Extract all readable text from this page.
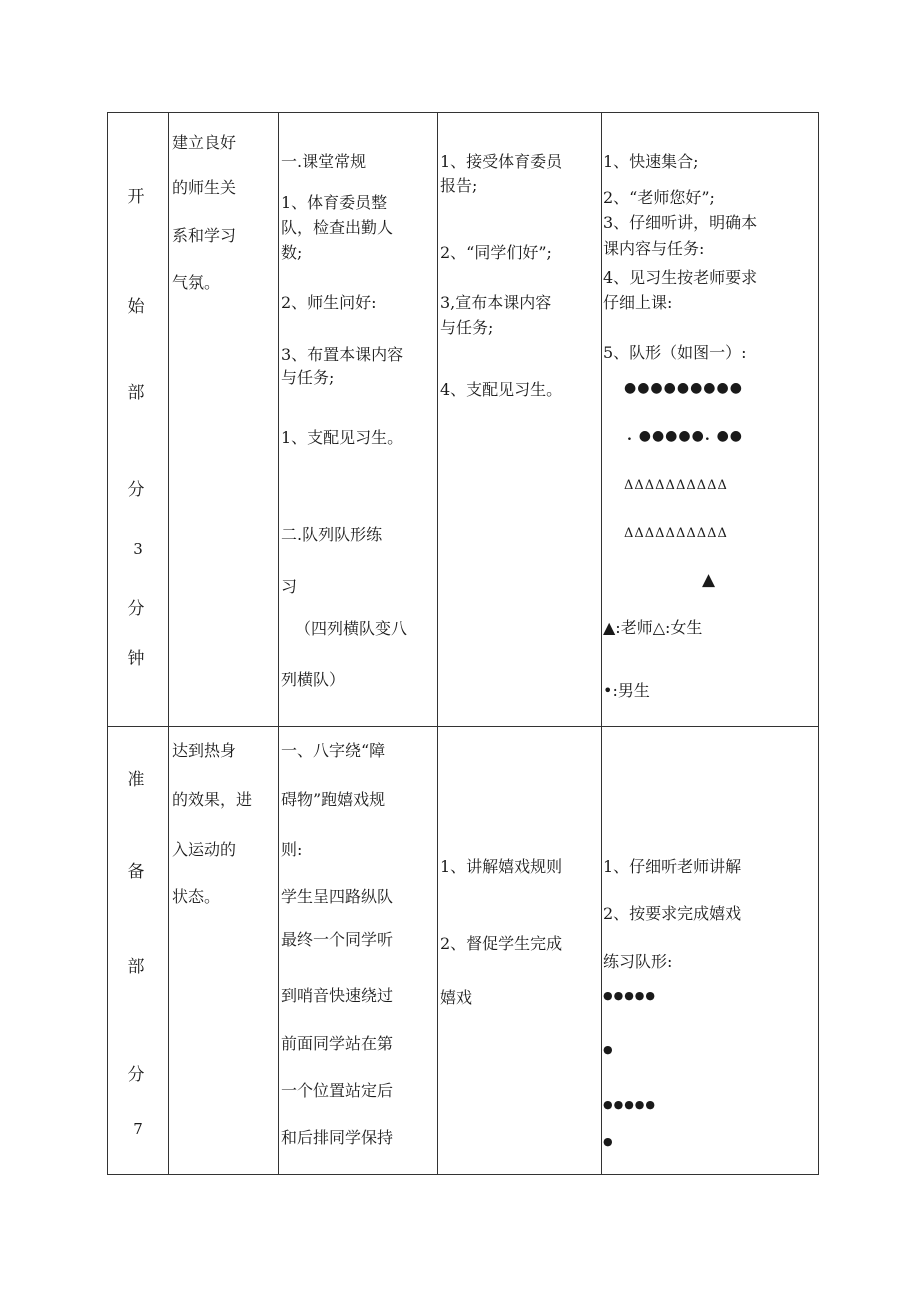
开
始
部
分
3
分
钟
建立良好
的师生关
系和学习
气氛。
一.课堂常规
1、体育委员整
队，检查出勤人
数;
2、师生问好:
3、布置本课内容
与任务;
1、支配见习生。
二.队列队形练
习
（四列横队变八
列横队）
1、接受体育委员
报告;
2、“同学们好”;
3,宣布本课内容
与任务;
4、支配见习生。
1、快速集合;
2、“老师您好”;
3、仔细听讲，明确本
课内容与任务:
4、见习生按老师要求
仔细上课:
5、队形（如图一）:
●●●●●●●●●
. ●●●●●. ●●
ΔΔΔΔΔΔΔΔΔΔ
ΔΔΔΔΔΔΔΔΔΔ
▲
▲:老师△:女生
•:男生
准
备
部
分
7
达到热身
的效果，进
入运动的
状态。
一、八字绕“障
碍物”跑嬉戏规
则:
学生呈四路纵队
最终一个同学听
到哨音快速绕过
前面同学站在第
一个位置站定后
和后排同学保持
1、讲解嬉戏规则
2、督促学生完成
嬉戏
1、仔细听老师讲解
2、按要求完成嬉戏
练习队形:
●●●●●
●
●●●●●
●
